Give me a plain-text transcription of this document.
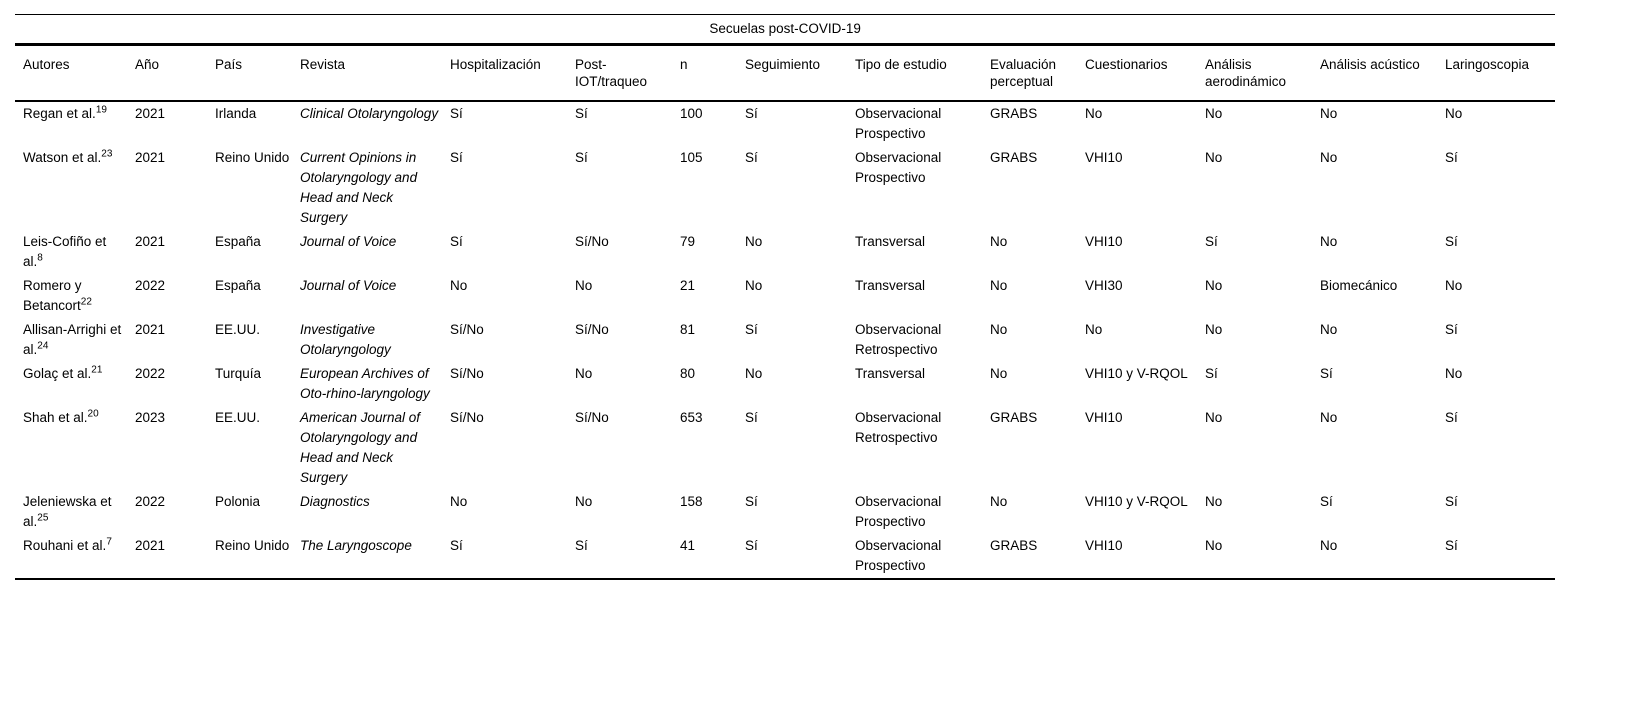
Secuelas post-COVID-19													
Autores	Año	País	Revista	Hospitalización	Post-IOT/traqueo	n	Seguimiento	Tipo de estudio	Evaluación perceptual	Cuestionarios	Análisis aerodinámico	Análisis acústico	Laringoscopia
Regan et al.$^{19}$	2021	Irlanda	Clinical Otolaryngology	Sí	Sí	100	Sí	Observacional Prospectivo	GRABS	No	No	No	No
Watson et al.$^{23}$	2021	Reino Unido	Current Opinions in Otolaryngology and Head and Neck Surgery	Sí	Sí	105	Sí	Observacional Prospectivo	GRABS	VHI10	No	No	Sí
Leis-Cofiño et al.$^8$	2021	España	Journal of Voice	Sí	Sí/No	79	No	Transversal	No	VHI10	Sí	No	Sí
Romero y Betancort$^{22}$	2022	España	Journal of Voice	No	No	21	No	Transversal	No	VHI30	No	Biomecánico	No
Allisan-Arrighi et al.$^{24}$	2021	EE.UU.	Investigative Otolaryngology	Sí/No	Sí/No	81	Sí	Observacional Retrospectivo	No	No	No	No	Sí
Golaç et al.$^{21}$	2022	Turquía	European Archives of Oto-rhino-laryngology	Sí/No	No	80	No	Transversal	No	VHI10 y V-RQOL	Sí	Sí	No
Shah et al.$^{20}$	2023	EE.UU.	American Journal of Otolaryngology and Head and Neck Surgery	Sí/No	Sí/No	653	Sí	Observacional Retrospectivo	GRABS	VHI10	No	No	Sí
Jeleniewska et al.$^{25}$	2022	Polonia	Diagnostics	No	No	158	Sí	Observacional Prospectivo	No	VHI10 y V-RQOL	No	Sí	Sí
Rouhani et al.$^7$	2021	Reino Unido	The Laryngoscope	Sí	Sí	41	Sí	Observacional Prospectivo	GRABS	VHI10	No	No	Sí
